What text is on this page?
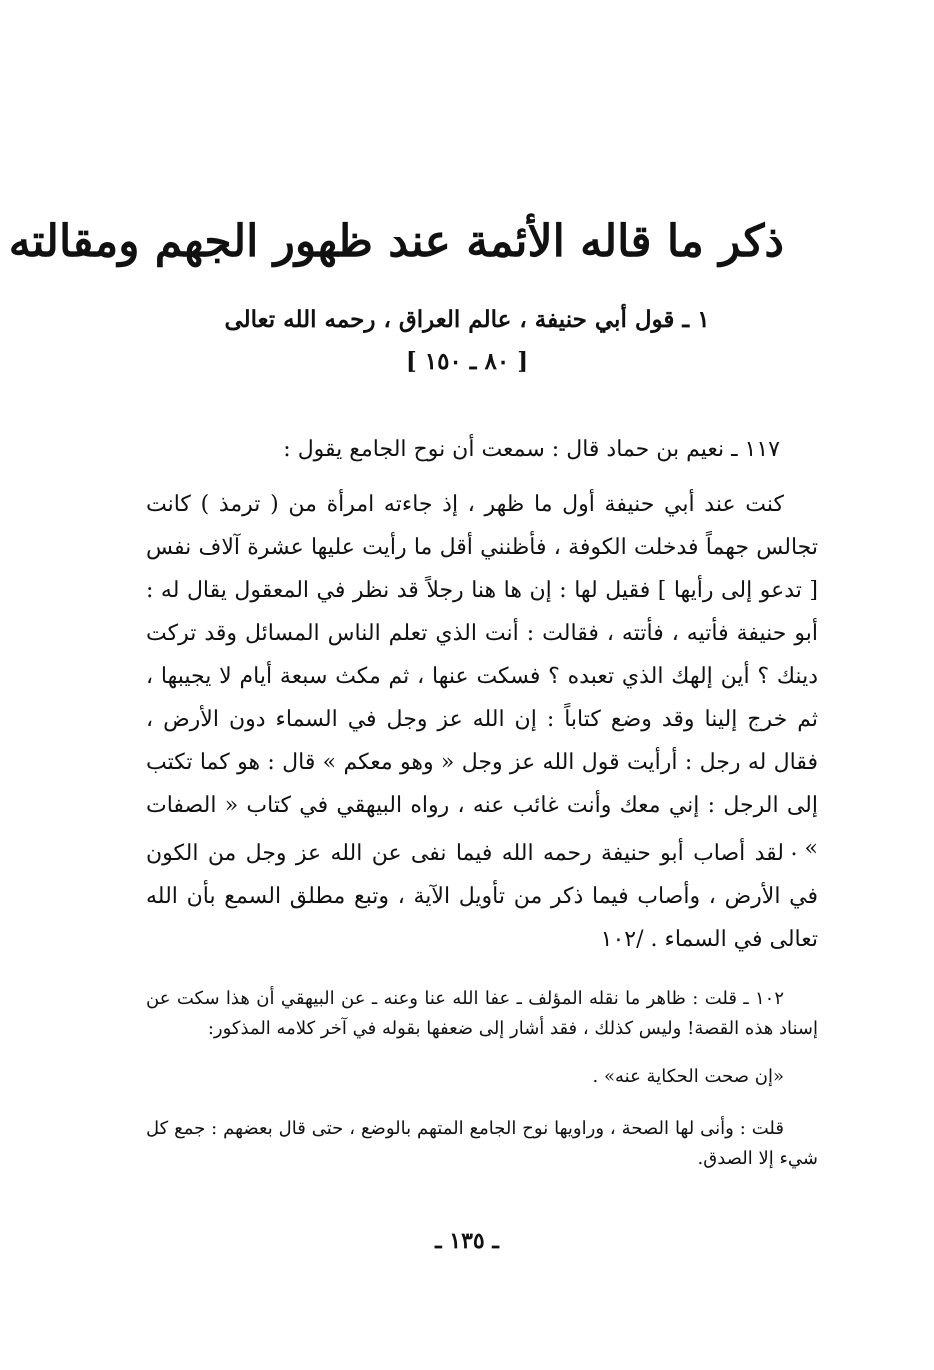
ذكر ما قاله الأئمة عند ظهور الجهم ومقالته
١ ـ قول أبي حنيفة ، عالم العراق ، رحمه الله تعالى
[ ٨٠ ـ ١٥٠ ]
١١٧ ـ نعيم بن حماد قال : سمعت أن نوح الجامع يقول :
كنت عند أبي حنيفة أول ما ظهر ، إذ جاءته امرأة من ( ترمذ ) كانت تجالس جهماً فدخلت الكوفة ، فأظنني أقل ما رأيت عليها عشرة آلاف نفس [ تدعو إلى رأيها ] فقيل لها : إن ها هنا رجلاً قد نظر في المعقول يقال له : أبو حنيفة فأتيه ، فأتته ، فقالت : أنت الذي تعلم الناس المسائل وقد تركت دينك ؟ أين إلهك الذي تعبده ؟ فسكت عنها ، ثم مكث سبعة أيام لا يجيبها ، ثم خرج إلينا وقد وضع كتاباً : إن الله عز وجل في السماء دون الأرض ، فقال له رجل : أرأيت قول الله عز وجل « وهو معكم » قال : هو كما تكتب إلى الرجل : إني معك وأنت غائب عنه ، رواه البيهقي في كتاب « الصفات » .
لقد أصاب أبو حنيفة رحمه الله فيما نفى عن الله عز وجل من الكون في الأرض ، وأصاب فيما ذكر من تأويل الآية ، وتبع مطلق السمع بأن الله تعالى في السماء . /١٠٢

١٠٢ ـ قلت : ظاهر ما نقله المؤلف ـ عفا الله عنا وعنه ـ عن البيهقي أن هذا سكت عن إسناد هذه القصة! وليس كذلك ، فقد أشار إلى ضعفها بقوله في آخر كلامه المذكور:

«إن صحت الحكاية عنه» .

قلت : وأنى لها الصحة ، وراويها نوح الجامع المتهم بالوضع ، حتى قال بعضهم : جمع كل شيء إلا الصدق.

ـ ١٣٥ ـ
